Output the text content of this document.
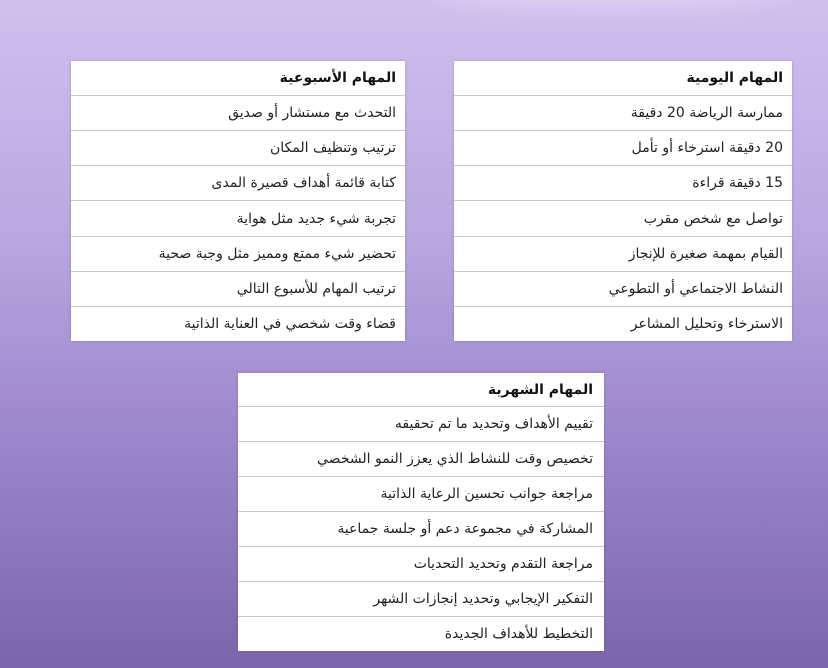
المهام اليومية
ممارسة الرياضة 20 دقيقة
20 دقيقة استرخاء أو تأمل
15 دقيقة قراءة
تواصل مع شخص مقرب
القيام بمهمة صغيرة للإنجاز
النشاط الاجتماعي أو التطوعي
الاسترخاء وتحليل المشاعر
المهام الأسبوعية
التحدث مع مستشار أو صديق
ترتيب وتنظيف المكان
كتابة قائمة أهداف قصيرة المدى
تجربة شيء جديد مثل هواية
تحضير شيء ممتع ومميز مثل وجبة صحية
ترتيب المهام للأسبوع التالي
قضاء وقت شخصي في العناية الذاتية
المهام الشهرية
تقييم الأهداف وتحديد ما تم تحقيقه
تخصيص وقت للنشاط الذي يعزز النمو الشخصي
مراجعة جوانب تحسين الرعاية الذاتية
المشاركة في مجموعة دعم أو جلسة جماعية
مراجعة التقدم وتحديد التحديات
التفكير الإيجابي وتحديد إنجازات الشهر
التخطيط للأهداف الجديدة
